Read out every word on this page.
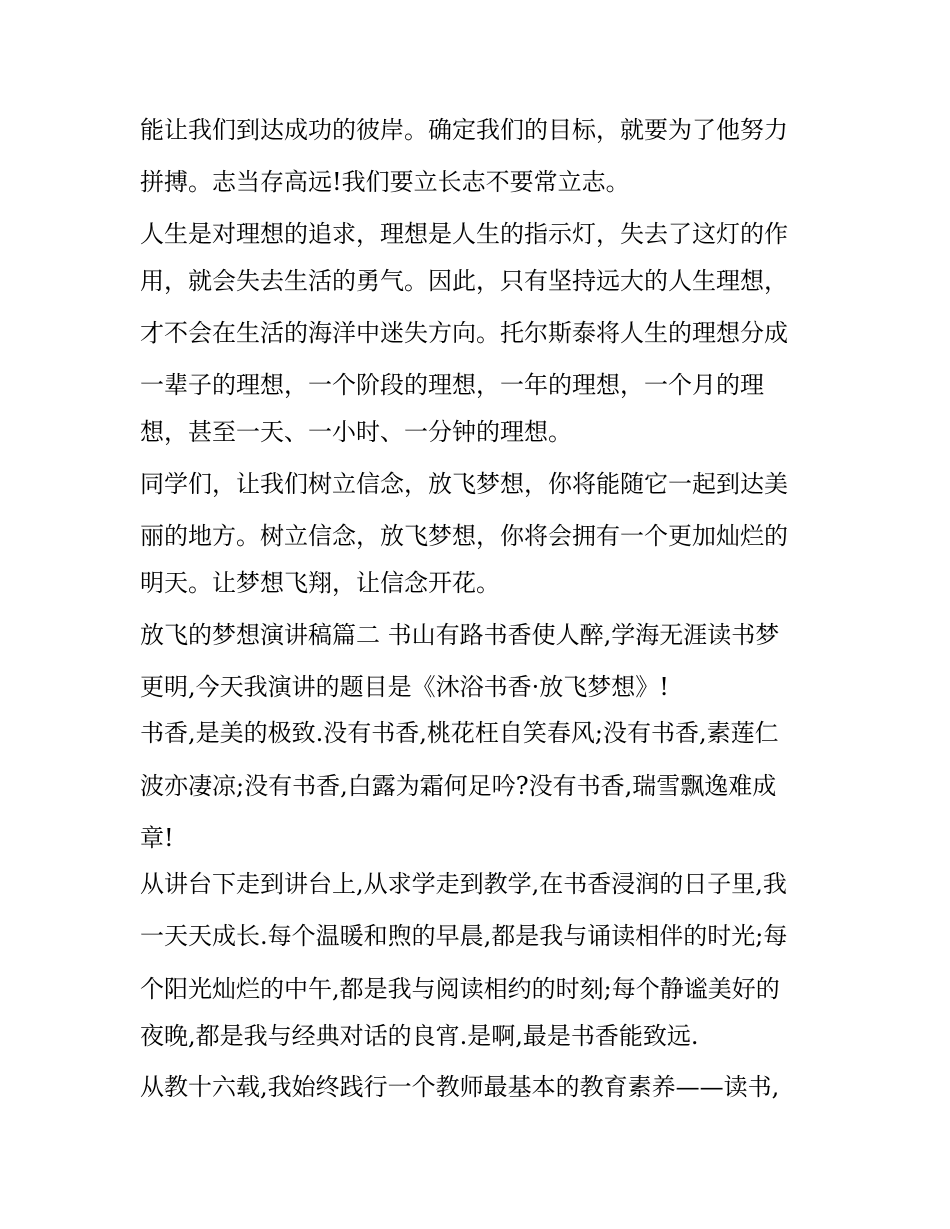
能让我们到达成功的彼岸。确定我们的目标，就要为了他努力
拼搏。志当存高远!我们要立长志不要常立志。
人生是对理想的追求，理想是人生的指示灯，失去了这灯的作
用，就会失去生活的勇气。因此，只有坚持远大的人生理想，
才不会在生活的海洋中迷失方向。托尔斯泰将人生的理想分成
一辈子的理想，一个阶段的理想，一年的理想，一个月的理
想，甚至一天、一小时、一分钟的理想。
同学们，让我们树立信念，放飞梦想，你将能随它一起到达美
丽的地方。树立信念，放飞梦想，你将会拥有一个更加灿烂的
明天。让梦想飞翔，让信念开花。
放飞的梦想演讲稿篇二 书山有路书香使人醉,学海无涯读书梦
更明,今天我演讲的题目是《沐浴书香·放飞梦想》!
书香,是美的极致.没有书香,桃花枉自笑春风;没有书香,素莲仁
波亦凄凉;没有书香,白露为霜何足吟?没有书香,瑞雪飘逸难成
章!
从讲台下走到讲台上,从求学走到教学,在书香浸润的日子里,我
一天天成长.每个温暖和煦的早晨,都是我与诵读相伴的时光;每
个阳光灿烂的中午,都是我与阅读相约的时刻;每个静谧美好的
夜晚,都是我与经典对话的良宵.是啊,最是书香能致远.
从教十六载,我始终践行一个教师最基本的教育素养——读书,
